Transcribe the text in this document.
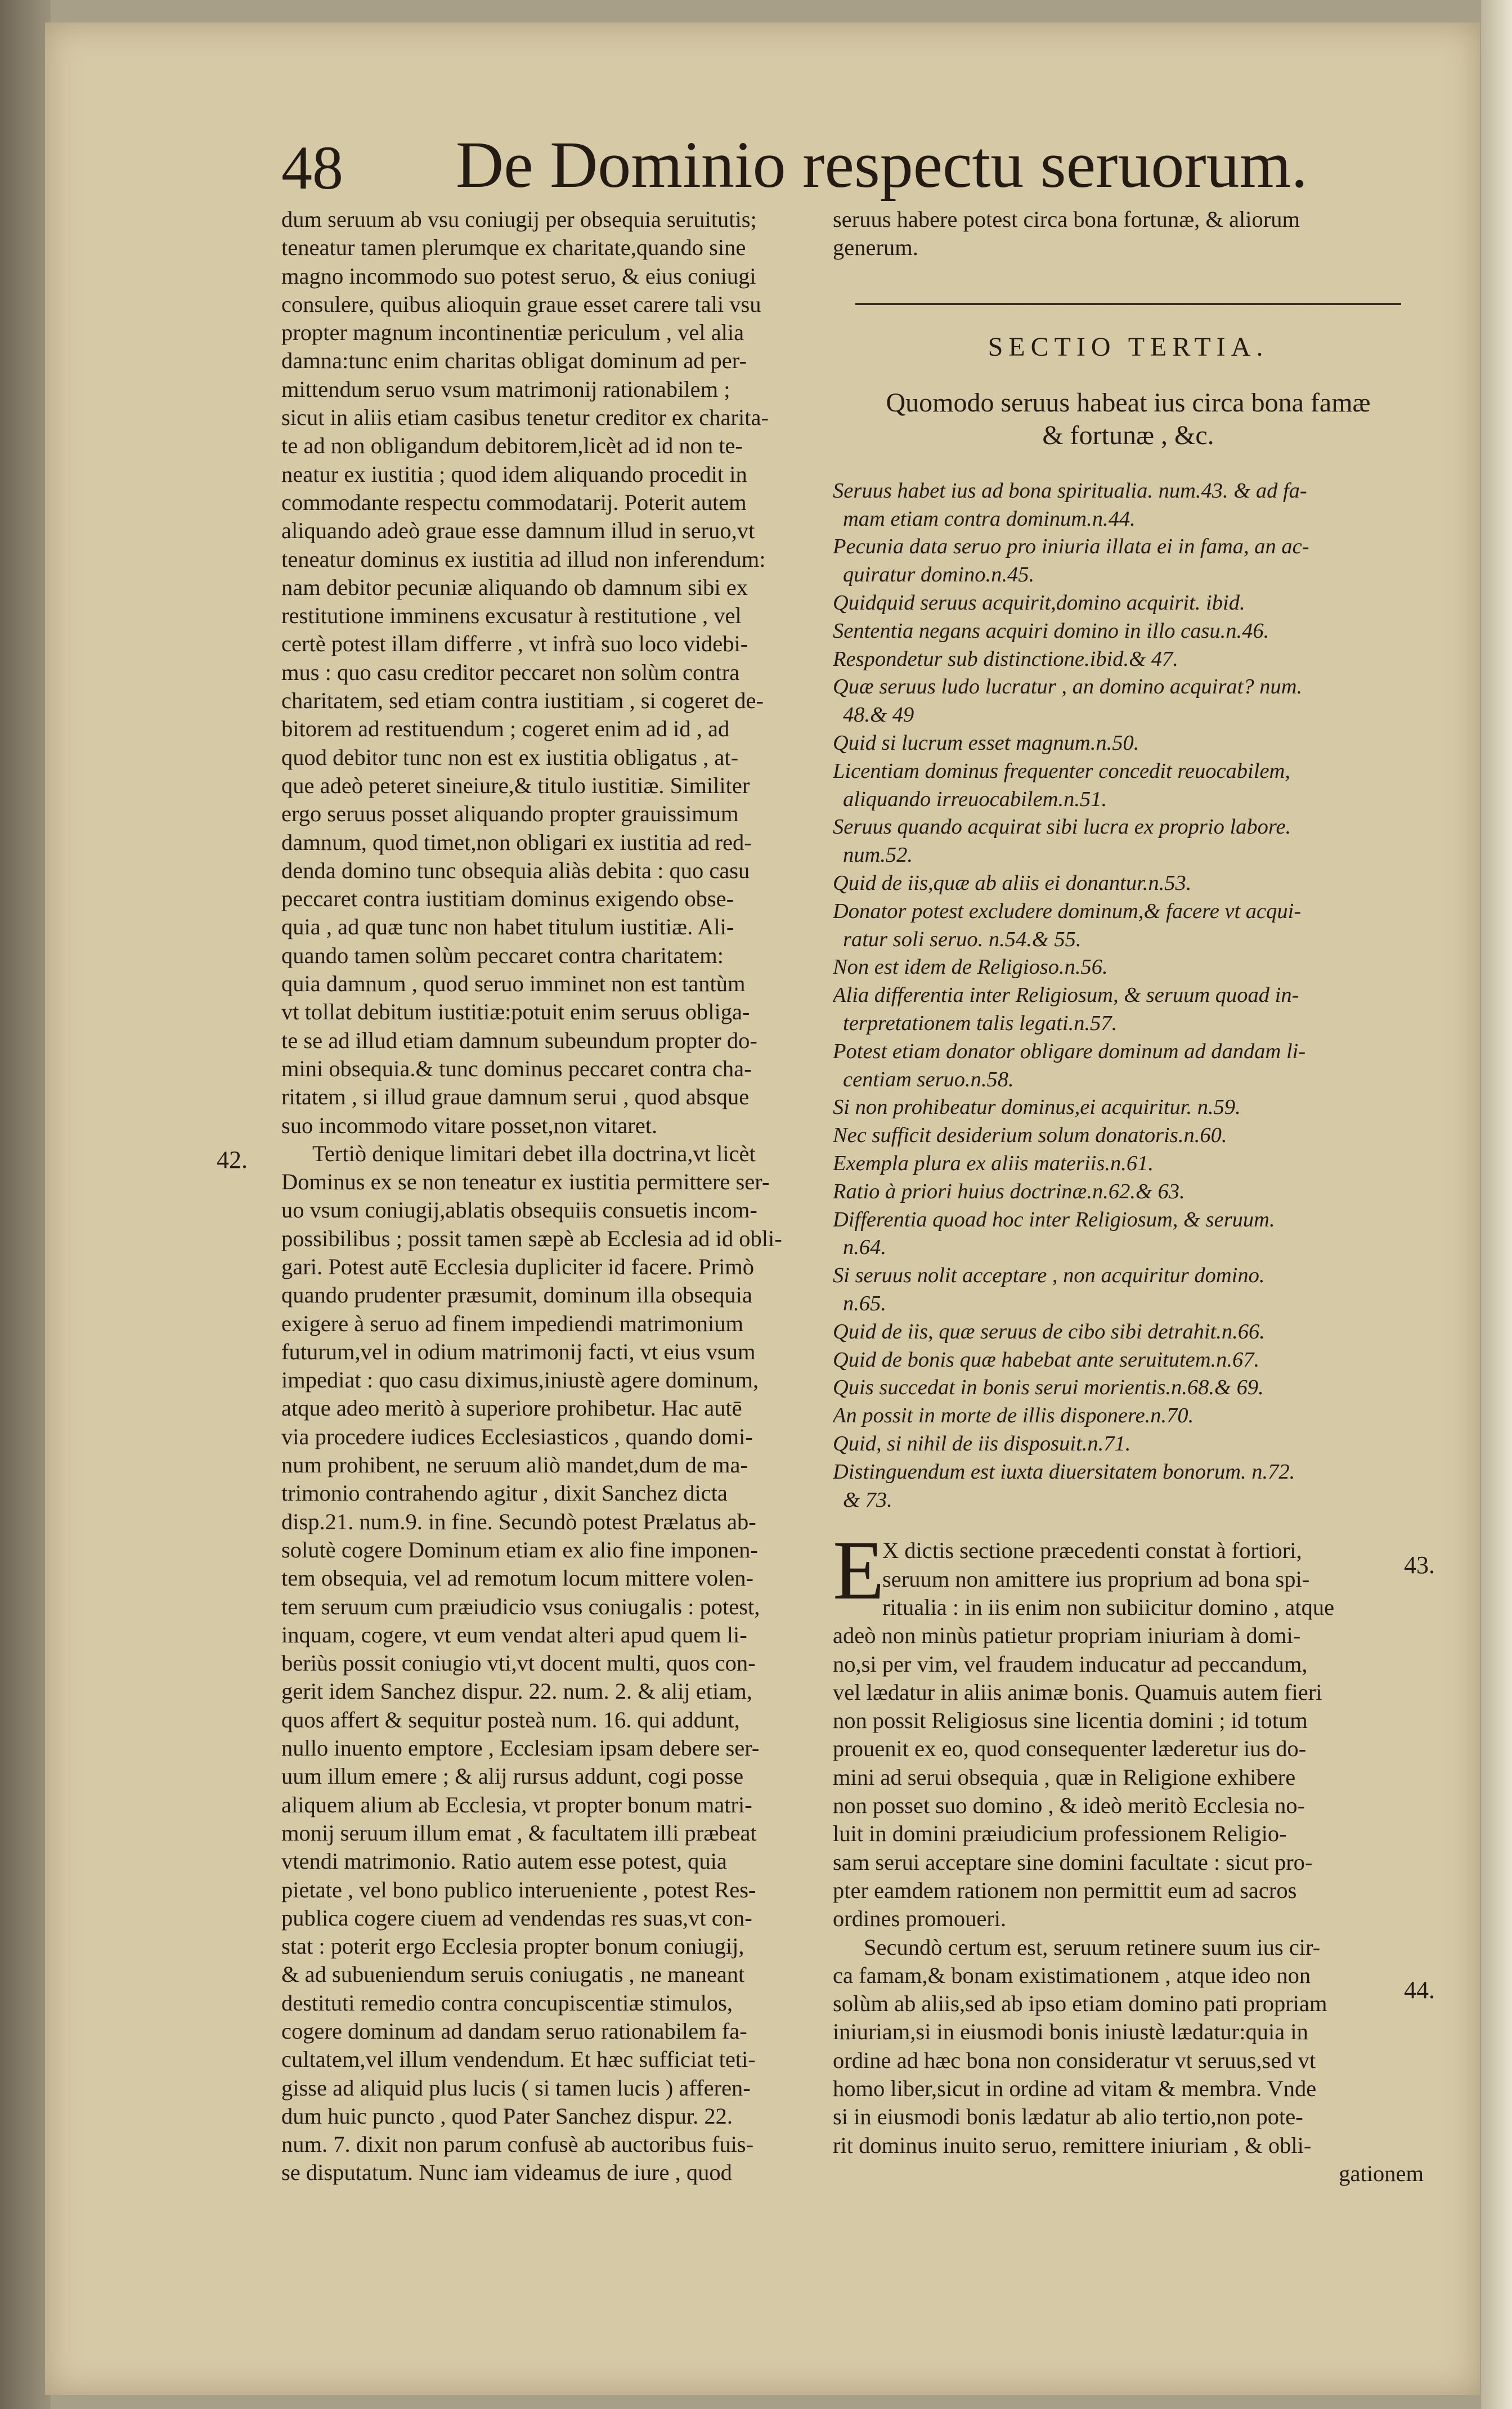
48 De Dominio respectu seruorum.
dum seruum ab vsu coniugij per obsequia seruitutis;
teneatur tamen plerumque ex charitate,quando sine
magno incommodo suo potest seruo, & eius coniugi
consulere, quibus alioquin graue esset carere tali vsu
propter magnum incontinentiæ periculum , vel alia
damna:tunc enim charitas obligat dominum ad per-
mittendum seruo vsum matrimonij rationabilem ;
sicut in aliis etiam casibus tenetur creditor ex charita-
te ad non obligandum debitorem,licèt ad id non te-
neatur ex iustitia ; quod idem aliquando procedit in
commodante respectu commodatarij. Poterit autem
aliquando adeò graue esse damnum illud in seruo,vt
teneatur dominus ex iustitia ad illud non inferendum:
nam debitor pecuniæ aliquando ob damnum sibi ex
restitutione imminens excusatur à restitutione , vel
certè potest illam differre , vt infrà suo loco videbi-
mus : quo casu creditor peccaret non solùm contra
charitatem, sed etiam contra iustitiam , si cogeret de-
bitorem ad restituendum ; cogeret enim ad id , ad
quod debitor tunc non est ex iustitia obligatus , at-
que adeò peteret sineiure,& titulo iustitiæ. Similiter
ergo seruus posset aliquando propter grauissimum
damnum, quod timet,non obligari ex iustitia ad red-
denda domino tunc obsequia aliàs debita : quo casu
peccaret contra iustitiam dominus exigendo obse-
quia , ad quæ tunc non habet titulum iustitiæ. Ali-
quando tamen solùm peccaret contra charitatem:
quia damnum , quod seruo imminet non est tantùm
vt tollat debitum iustitiæ:potuit enim seruus obliga-
te se ad illud etiam damnum subeundum propter do-
mini obsequia.& tunc dominus peccaret contra cha-
ritatem , si illud graue damnum serui , quod absque
suo incommodo vitare posset,non vitaret.
Tertiò denique limitari debet illa doctrina,vt licèt
Dominus ex se non teneatur ex iustitia permittere ser-
uo vsum coniugij,ablatis obsequiis consuetis incom-
possibilibus ; possit tamen sæpè ab Ecclesia ad id obli-
gari. Potest autē Ecclesia dupliciter id facere. Primò
quando prudenter præsumit, dominum illa obsequia
exigere à seruo ad finem impediendi matrimonium
futurum,vel in odium matrimonij facti, vt eius vsum
impediat : quo casu diximus,iniustè agere dominum,
atque adeo meritò à superiore prohibetur. Hac autē
via procedere iudices Ecclesiasticos , quando domi-
num prohibent, ne seruum aliò mandet,dum de ma-
trimonio contrahendo agitur , dixit Sanchez dicta
disp.21. num.9. in fine. Secundò potest Prælatus ab-
solutè cogere Dominum etiam ex alio fine imponen-
tem obsequia, vel ad remotum locum mittere volen-
tem seruum cum præiudicio vsus coniugalis : potest,
inquam, cogere, vt eum vendat alteri apud quem li-
beriùs possit coniugio vti,vt docent multi, quos con-
gerit idem Sanchez dispur. 22. num. 2. & alij etiam,
quos affert & sequitur posteà num. 16. qui addunt,
nullo inuento emptore , Ecclesiam ipsam debere ser-
uum illum emere ; & alij rursus addunt, cogi posse
aliquem alium ab Ecclesia, vt propter bonum matri-
monij seruum illum emat , & facultatem illi præbeat
vtendi matrimonio. Ratio autem esse potest, quia
pietate , vel bono publico interueniente , potest Res-
publica cogere ciuem ad vendendas res suas,vt con-
stat : poterit ergo Ecclesia propter bonum coniugij,
& ad subueniendum seruis coniugatis , ne maneant
destituti remedio contra concupiscentiæ stimulos,
cogere dominum ad dandam seruo rationabilem fa-
cultatem,vel illum vendendum. Et hæc sufficiat teti-
gisse ad aliquid plus lucis ( si tamen lucis ) afferen-
dum huic puncto , quod Pater Sanchez dispur. 22.
num. 7. dixit non parum confusè ab auctoribus fuis-
se disputatum. Nunc iam videamus de iure , quod
42.
43.
44.
seruus habere potest circa bona fortunæ, & aliorum
generum.
SECTIO TERTIA.
Quomodo seruus habeat ius circa bona famæ
& fortunæ , &c.
Seruus habet ius ad bona spiritualia. num.43. & ad fa-
mam etiam contra dominum.n.44.
Pecunia data seruo pro iniuria illata ei in fama, an ac-
quiratur domino.n.45.
Quidquid seruus acquirit,domino acquirit. ibid.
Sententia negans acquiri domino in illo casu.n.46.
Respondetur sub distinctione.ibid.& 47.
Quæ seruus ludo lucratur , an domino acquirat? num.
48.& 49
Quid si lucrum esset magnum.n.50.
Licentiam dominus frequenter concedit reuocabilem,
aliquando irreuocabilem.n.51.
Seruus quando acquirat sibi lucra ex proprio labore.
num.52.
Quid de iis,quæ ab aliis ei donantur.n.53.
Donator potest excludere dominum,& facere vt acqui-
ratur soli seruo. n.54.& 55.
Non est idem de Religioso.n.56.
Alia differentia inter Religiosum, & seruum quoad in-
terpretationem talis legati.n.57.
Potest etiam donator obligare dominum ad dandam li-
centiam seruo.n.58.
Si non prohibeatur dominus,ei acquiritur. n.59.
Nec sufficit desiderium solum donatoris.n.60.
Exempla plura ex aliis materiis.n.61.
Ratio à priori huius doctrinæ.n.62.& 63.
Differentia quoad hoc inter Religiosum, & seruum.
n.64.
Si seruus nolit acceptare , non acquiritur domino.
n.65.
Quid de iis, quæ seruus de cibo sibi detrahit.n.66.
Quid de bonis quæ habebat ante seruitutem.n.67.
Quis succedat in bonis serui morientis.n.68.& 69.
An possit in morte de illis disponere.n.70.
Quid, si nihil de iis disposuit.n.71.
Distinguendum est iuxta diuersitatem bonorum. n.72.
& 73.
E
X dictis sectione præcedenti constat à fortiori,
seruum non amittere ius proprium ad bona spi-
ritualia : in iis enim non subiicitur domino , atque
adeò non minùs patietur propriam iniuriam à domi-
no,si per vim, vel fraudem inducatur ad peccandum,
vel lædatur in aliis animæ bonis. Quamuis autem fieri
non possit Religiosus sine licentia domini ; id totum
prouenit ex eo, quod consequenter læderetur ius do-
mini ad serui obsequia , quæ in Religione exhibere
non posset suo domino , & ideò meritò Ecclesia no-
luit in domini præiudicium professionem Religio-
sam serui acceptare sine domini facultate : sicut pro-
pter eamdem rationem non permittit eum ad sacros
ordines promoueri.
Secundò certum est, seruum retinere suum ius cir-
ca famam,& bonam existimationem , atque ideo non
solùm ab aliis,sed ab ipso etiam domino pati propriam
iniuriam,si in eiusmodi bonis iniustè lædatur:quia in
ordine ad hæc bona non consideratur vt seruus,sed vt
homo liber,sicut in ordine ad vitam & membra. Vnde
si in eiusmodi bonis lædatur ab alio tertio,non pote-
rit dominus inuito seruo, remittere iniuriam , & obli-
gationem
